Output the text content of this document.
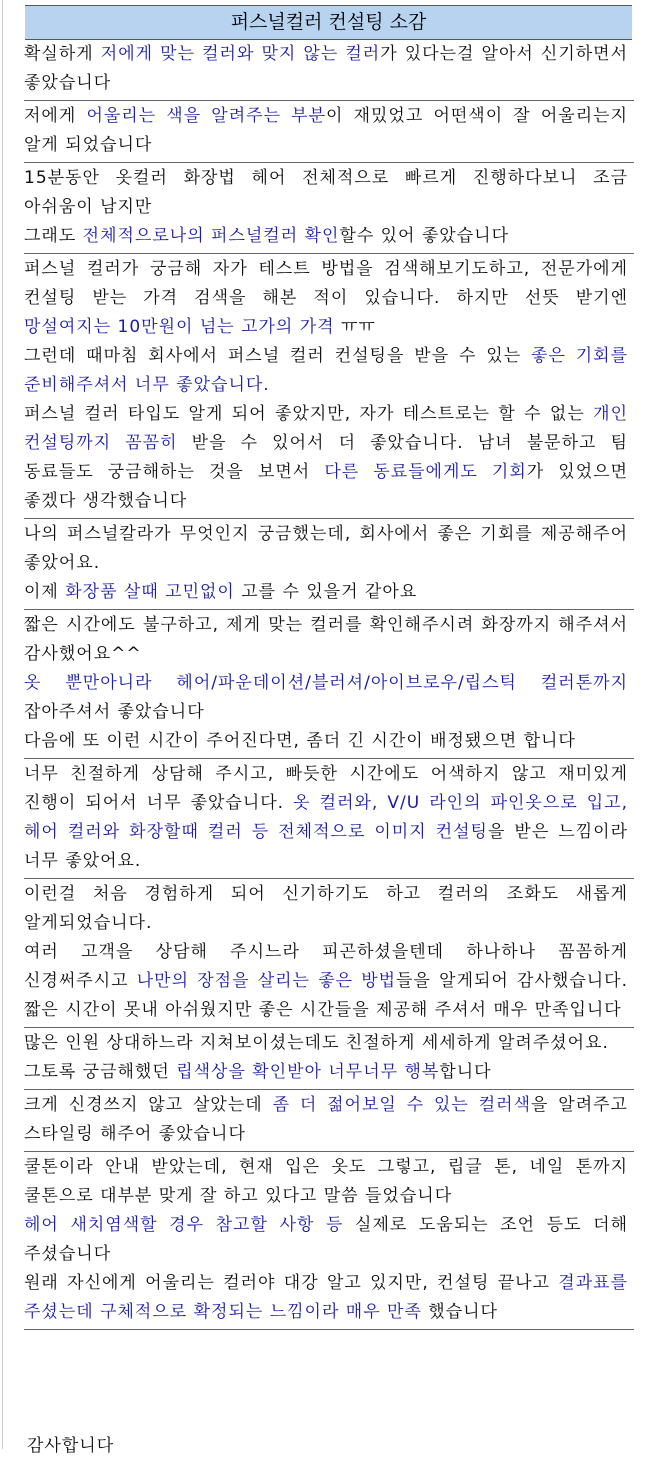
퍼스널컬러 컨설팅 소감

확실하게 저에게 맞는 컬러와 맞지 않는 컬러가 있다는걸 알아서 신기하면서 좋았습니다

저에게 어울리는 색을 알려주는 부분이 재밌었고 어떤색이 잘 어울리는지 알게 되었습니다

15분동안 옷컬러 화장법 헤어 전체적으로 빠르게 진행하다보니 조금 아쉬움이 남지만

그래도 전체적으로나의 퍼스널컬러 확인할수 있어 좋았습니다

퍼스널 컬러가 궁금해 자가 테스트 방법을 검색해보기도하고, 전문가에게 컨설팅 받는 가격 검색을 해본 적이 있습니다. 하지만 선뜻 받기엔 망설여지는 10만원이 넘는 고가의 가격 ㅠㅠ

그런데 때마침 회사에서 퍼스널 컬러 컨설팅을 받을 수 있는 좋은 기회를 준비해주셔서 너무 좋았습니다.

퍼스널 컬러 타입도 알게 되어 좋았지만, 자가 테스트로는 할 수 없는 개인 컨설팅까지 꼼꼼히 받을 수 있어서 더 좋았습니다. 남녀 불문하고 팀 동료들도 궁금해하는 것을 보면서 다른 동료들에게도 기회가 있었으면 좋겠다 생각했습니다

나의 퍼스널칼라가 무엇인지 궁금했는데, 회사에서 좋은 기회를 제공해주어 좋았어요.

이제 화장품 살때 고민없이 고를 수 있을거 같아요

짧은 시간에도 불구하고, 제게 맞는 컬러를 확인해주시려 화장까지 해주셔서 감사했어요^^

옷 뿐만아니라 헤어/파운데이션/블러셔/아이브로우/립스틱 컬러톤까지 잡아주셔서 좋았습니다

다음에 또 이런 시간이 주어진다면, 좀더 긴 시간이 배정됐으면 합니다

너무 친절하게 상담해 주시고, 빠듯한 시간에도 어색하지 않고 재미있게 진행이 되어서 너무 좋았습니다. 옷 컬러와, V/U 라인의 파인옷으로 입고, 헤어 컬러와 화장할때 컬러 등 전체적으로 이미지 컨설팅을 받은 느낌이라 너무 좋았어요.

이런걸 처음 경험하게 되어 신기하기도 하고 컬러의 조화도 새롭게 알게되었습니다.

여러 고객을 상담해 주시느라 피곤하셨을텐데 하나하나 꼼꼼하게 신경써주시고 나만의 장점을 살리는 좋은 방법들을 알게되어 감사했습니다. 짧은 시간이 못내 아쉬웠지만 좋은 시간들을 제공해 주셔서 매우 만족입니다

많은 인원 상대하느라 지쳐보이셨는데도 친절하게 세세하게 알려주셨어요.

그토록 궁금해했던 립색상을 확인받아 너무너무 행복합니다

크게 신경쓰지 않고 살았는데 좀 더 젊어보일 수 있는 컬러색을 알려주고 스타일링 해주어 좋았습니다

쿨톤이라 안내 받았는데, 현재 입은 옷도 그렇고, 립글 톤, 네일 톤까지 쿨톤으로 대부분 맞게 잘 하고 있다고 말씀 들었습니다

헤어 새치염색할 경우 참고할 사항 등 실제로 도움되는 조언 등도 더해 주셨습니다

원래 자신에게 어울리는 컬러야 대강 알고 있지만, 컨설팅 끝나고 결과표를 주셨는데 구체적으로 확정되는 느낌이라 매우 만족 했습니다

감사합니다
